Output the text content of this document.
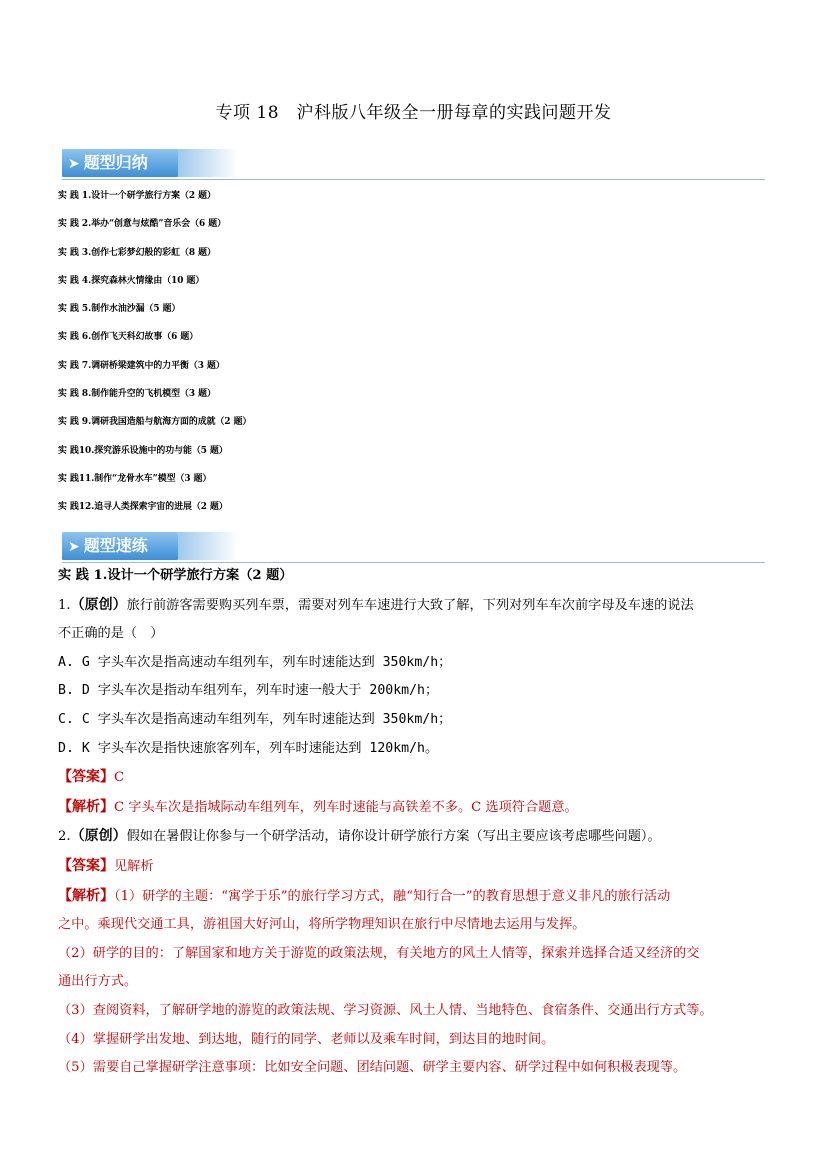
专项 18　沪科版八年级全一册每章的实践问题开发
➤ 题型归纳
实 践 1.设计一个研学旅行方案（2 题）
实 践 2.举办“创意与炫酷”音乐会（6 题）
实 践 3.创作七彩梦幻般的彩虹（8 题）
实 践 4.探究森林火情缘由（10 题）
实 践 5.制作水油沙漏（5 题）
实 践 6.创作飞天科幻故事（6 题）
实 践 7.调研桥梁建筑中的力平衡（3 题）
实 践 8.制作能升空的飞机模型（3 题）
实 践 9.调研我国造船与航海方面的成就（2 题）
实 践10.探究游乐设施中的功与能（5 题）
实 践11.制作“龙骨水车”模型（3 题）
实 践12.追寻人类探索宇宙的进展（2 题）
➤ 题型速练
实 践 1.设计一个研学旅行方案（2 题）
1.（原创）旅行前游客需要购买列车票，需要对列车车速进行大致了解，下列对列车车次前字母及车速的说法
不正确的是（　）
A. G 字头车次是指高速动车组列车，列车时速能达到 350km/h；
B. D 字头车次是指动车组列车，列车时速一般大于 200km/h；
C. C 字头车次是指高速动车组列车，列车时速能达到 350km/h；
D. K 字头车次是指快速旅客列车，列车时速能达到 120km/h。
【答案】C
【解析】C 字头车次是指城际动车组列车，列车时速能与高铁差不多。C 选项符合题意。
2.（原创）假如在暑假让你参与一个研学活动，请你设计研学旅行方案（写出主要应该考虑哪些问题）。
【答案】见解析
【解析】（1）研学的主题：“寓学于乐”的旅行学习方式，融“知行合一”的教育思想于意义非凡的旅行活动
之中。乘现代交通工具，游祖国大好河山，将所学物理知识在旅行中尽情地去运用与发挥。
（2）研学的目的：了解国家和地方关于游览的政策法规，有关地方的风土人情等，探索并选择合适又经济的交
通出行方式。
（3）查阅资料，了解研学地的游览的政策法规、学习资源、风土人情、当地特色、食宿条件、交通出行方式等。
（4）掌握研学出发地、到达地，随行的同学、老师以及乘车时间，到达目的地时间。
（5）需要自己掌握研学注意事项：比如安全问题、团结问题、研学主要内容、研学过程中如何积极表现等。
